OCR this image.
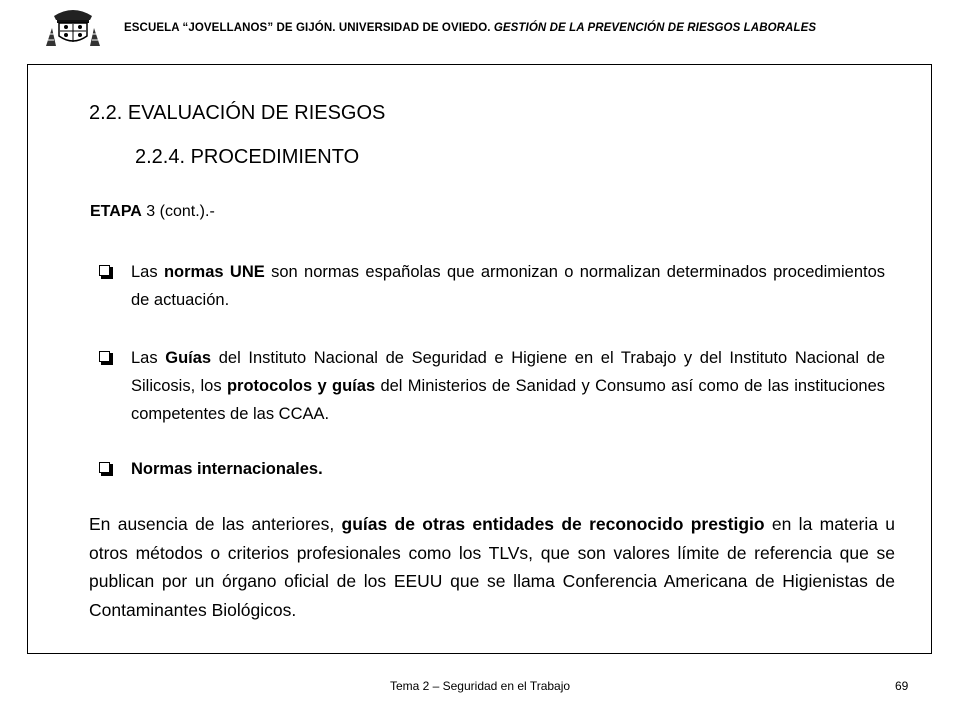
ESCUELA “JOVELLANOS” DE GIJÓN. UNIVERSIDAD DE OVIEDO. GESTIÓN DE LA PREVENCIÓN DE RIESGOS LABORALES
2.2. EVALUACIÓN DE RIESGOS
2.2.4. PROCEDIMIENTO
ETAPA 3 (cont.).-
Las normas UNE son normas españolas que armonizan o normalizan determinados procedimientos de actuación.
Las Guías del Instituto Nacional de Seguridad e Higiene en el Trabajo y del Instituto Nacional de Silicosis, los protocolos y guías del Ministerios de Sanidad y Consumo así como de las instituciones competentes de las CCAA.
Normas internacionales.
En ausencia de las anteriores, guías de otras entidades de reconocido prestigio en la materia u otros métodos o criterios profesionales como los TLVs, que son valores límite de referencia que se publican por un órgano oficial de los EEUU que se llama Conferencia Americana de Higienistas de Contaminantes Biológicos.
Tema 2 – Seguridad en el Trabajo	69
